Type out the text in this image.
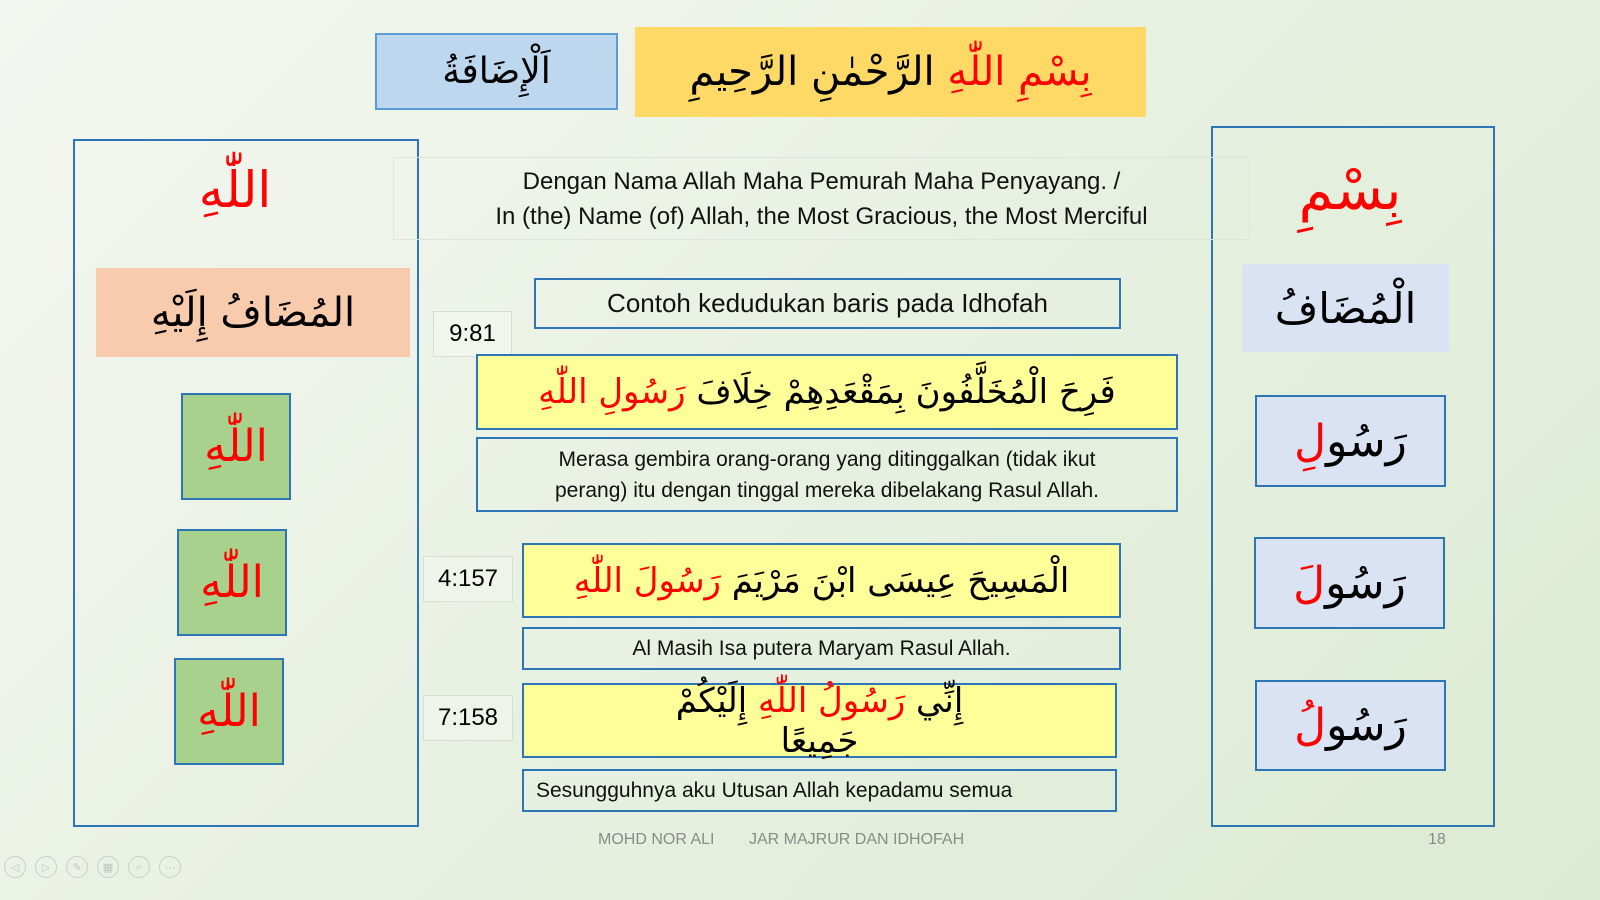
اَلْإِضَافَةُ	بِسْمِ اللّٰهِ الرَّحْمٰنِ الرَّحِيمِ
اللّٰهِ
المُضَافُ إِلَيْهِ
اللّٰهِ
اللّٰهِ
اللّٰهِ
بِسْمِ
الْمُضَافُ
رَسُولِ
رَسُولَ
رَسُولُ
Dengan Nama Allah Maha Pemurah Maha Penyayang. /
In (the) Name (of) Allah, the Most Gracious, the Most Merciful
Contoh kedudukan baris pada Idhofah
9:81
فَرِحَ الْمُخَلَّفُونَ بِمَقْعَدِهِمْ خِلَافَ رَسُولِ اللّٰهِ
Merasa gembira orang-orang yang ditinggalkan (tidak ikut
perang) itu dengan tinggal mereka dibelakang Rasul Allah.
4:157	الْمَسِيحَ عِيسَى ابْنَ مَرْيَمَ رَسُولَ اللّٰهِ
Al Masih Isa putera Maryam Rasul Allah.
7:158	إِنِّي رَسُولُ اللّٰهِ إِلَيْكُمْ جَمِيعًا
Sesungguhnya aku Utusan Allah kepadamu semua
MOHD NOR ALI JAR MAJRUR DAN IDHOFAH	18
◁	▷	✎	▦	⌕	⋯
